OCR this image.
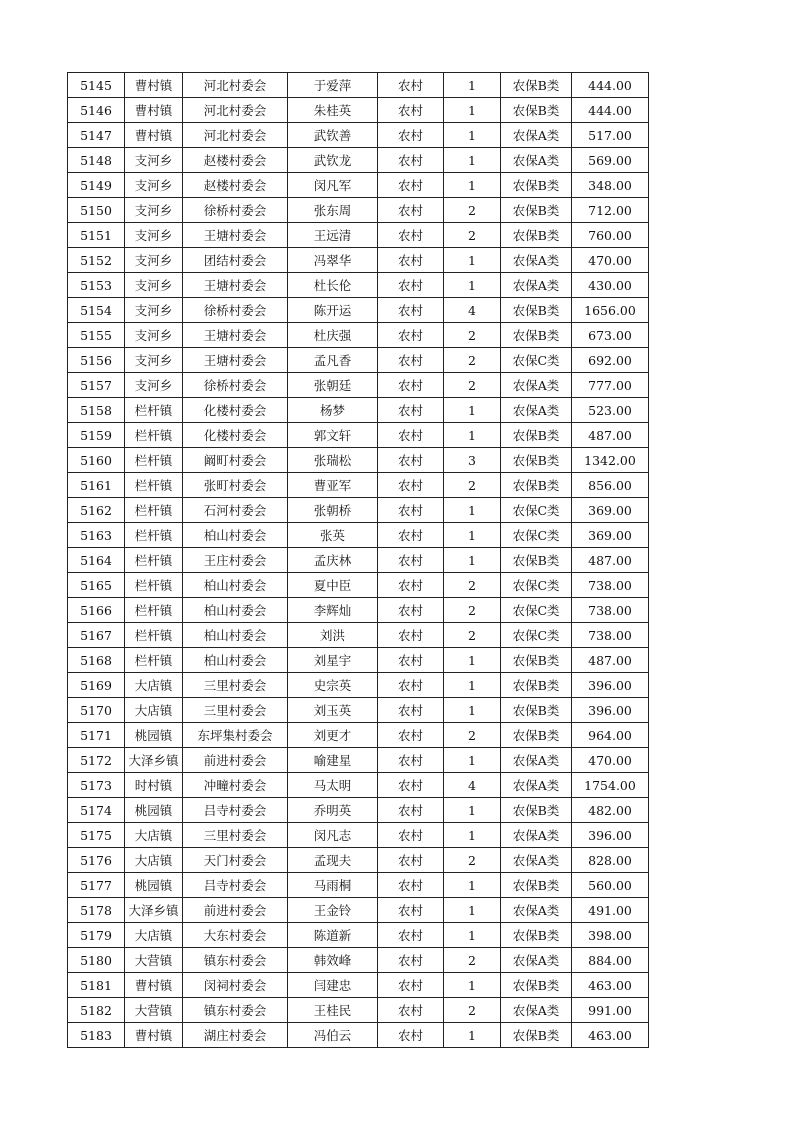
5145	曹村镇	河北村委会	于爱萍	农村	1	农保B类	444.00
5146	曹村镇	河北村委会	朱桂英	农村	1	农保B类	444.00
5147	曹村镇	河北村委会	武钦善	农村	1	农保A类	517.00
5148	支河乡	赵楼村委会	武钦龙	农村	1	农保A类	569.00
5149	支河乡	赵楼村委会	闵凡军	农村	1	农保B类	348.00
5150	支河乡	徐桥村委会	张东周	农村	2	农保B类	712.00
5151	支河乡	王塘村委会	王远清	农村	2	农保B类	760.00
5152	支河乡	团结村委会	冯翠华	农村	1	农保A类	470.00
5153	支河乡	王塘村委会	杜长伦	农村	1	农保A类	430.00
5154	支河乡	徐桥村委会	陈开运	农村	4	农保B类	1656.00
5155	支河乡	王塘村委会	杜庆强	农村	2	农保B类	673.00
5156	支河乡	王塘村委会	孟凡香	农村	2	农保C类	692.00
5157	支河乡	徐桥村委会	张朝廷	农村	2	农保A类	777.00
5158	栏杆镇	化楼村委会	杨梦	农村	1	农保A类	523.00
5159	栏杆镇	化楼村委会	郭文轩	农村	1	农保B类	487.00
5160	栏杆镇	阚町村委会	张瑞松	农村	3	农保B类	1342.00
5161	栏杆镇	张町村委会	曹亚军	农村	2	农保B类	856.00
5162	栏杆镇	石河村委会	张朝桥	农村	1	农保C类	369.00
5163	栏杆镇	柏山村委会	张英	农村	1	农保C类	369.00
5164	栏杆镇	王庄村委会	孟庆林	农村	1	农保B类	487.00
5165	栏杆镇	柏山村委会	夏中臣	农村	2	农保C类	738.00
5166	栏杆镇	柏山村委会	李辉灿	农村	2	农保C类	738.00
5167	栏杆镇	柏山村委会	刘洪	农村	2	农保C类	738.00
5168	栏杆镇	柏山村委会	刘星宇	农村	1	农保B类	487.00
5169	大店镇	三里村委会	史宗英	农村	1	农保B类	396.00
5170	大店镇	三里村委会	刘玉英	农村	1	农保B类	396.00
5171	桃园镇	东坪集村委会	刘更才	农村	2	农保B类	964.00
5172	大泽乡镇	前进村委会	喻建星	农村	1	农保A类	470.00
5173	时村镇	冲疃村委会	马太明	农村	4	农保A类	1754.00
5174	桃园镇	吕寺村委会	乔明英	农村	1	农保B类	482.00
5175	大店镇	三里村委会	闵凡志	农村	1	农保A类	396.00
5176	大店镇	天门村委会	孟现夫	农村	2	农保A类	828.00
5177	桃园镇	吕寺村委会	马雨桐	农村	1	农保B类	560.00
5178	大泽乡镇	前进村委会	王金铃	农村	1	农保A类	491.00
5179	大店镇	大东村委会	陈道新	农村	1	农保B类	398.00
5180	大营镇	镇东村委会	韩效峰	农村	2	农保A类	884.00
5181	曹村镇	闵祠村委会	闫建忠	农村	1	农保B类	463.00
5182	大营镇	镇东村委会	王桂民	农村	2	农保A类	991.00
5183	曹村镇	湖庄村委会	冯伯云	农村	1	农保B类	463.00
